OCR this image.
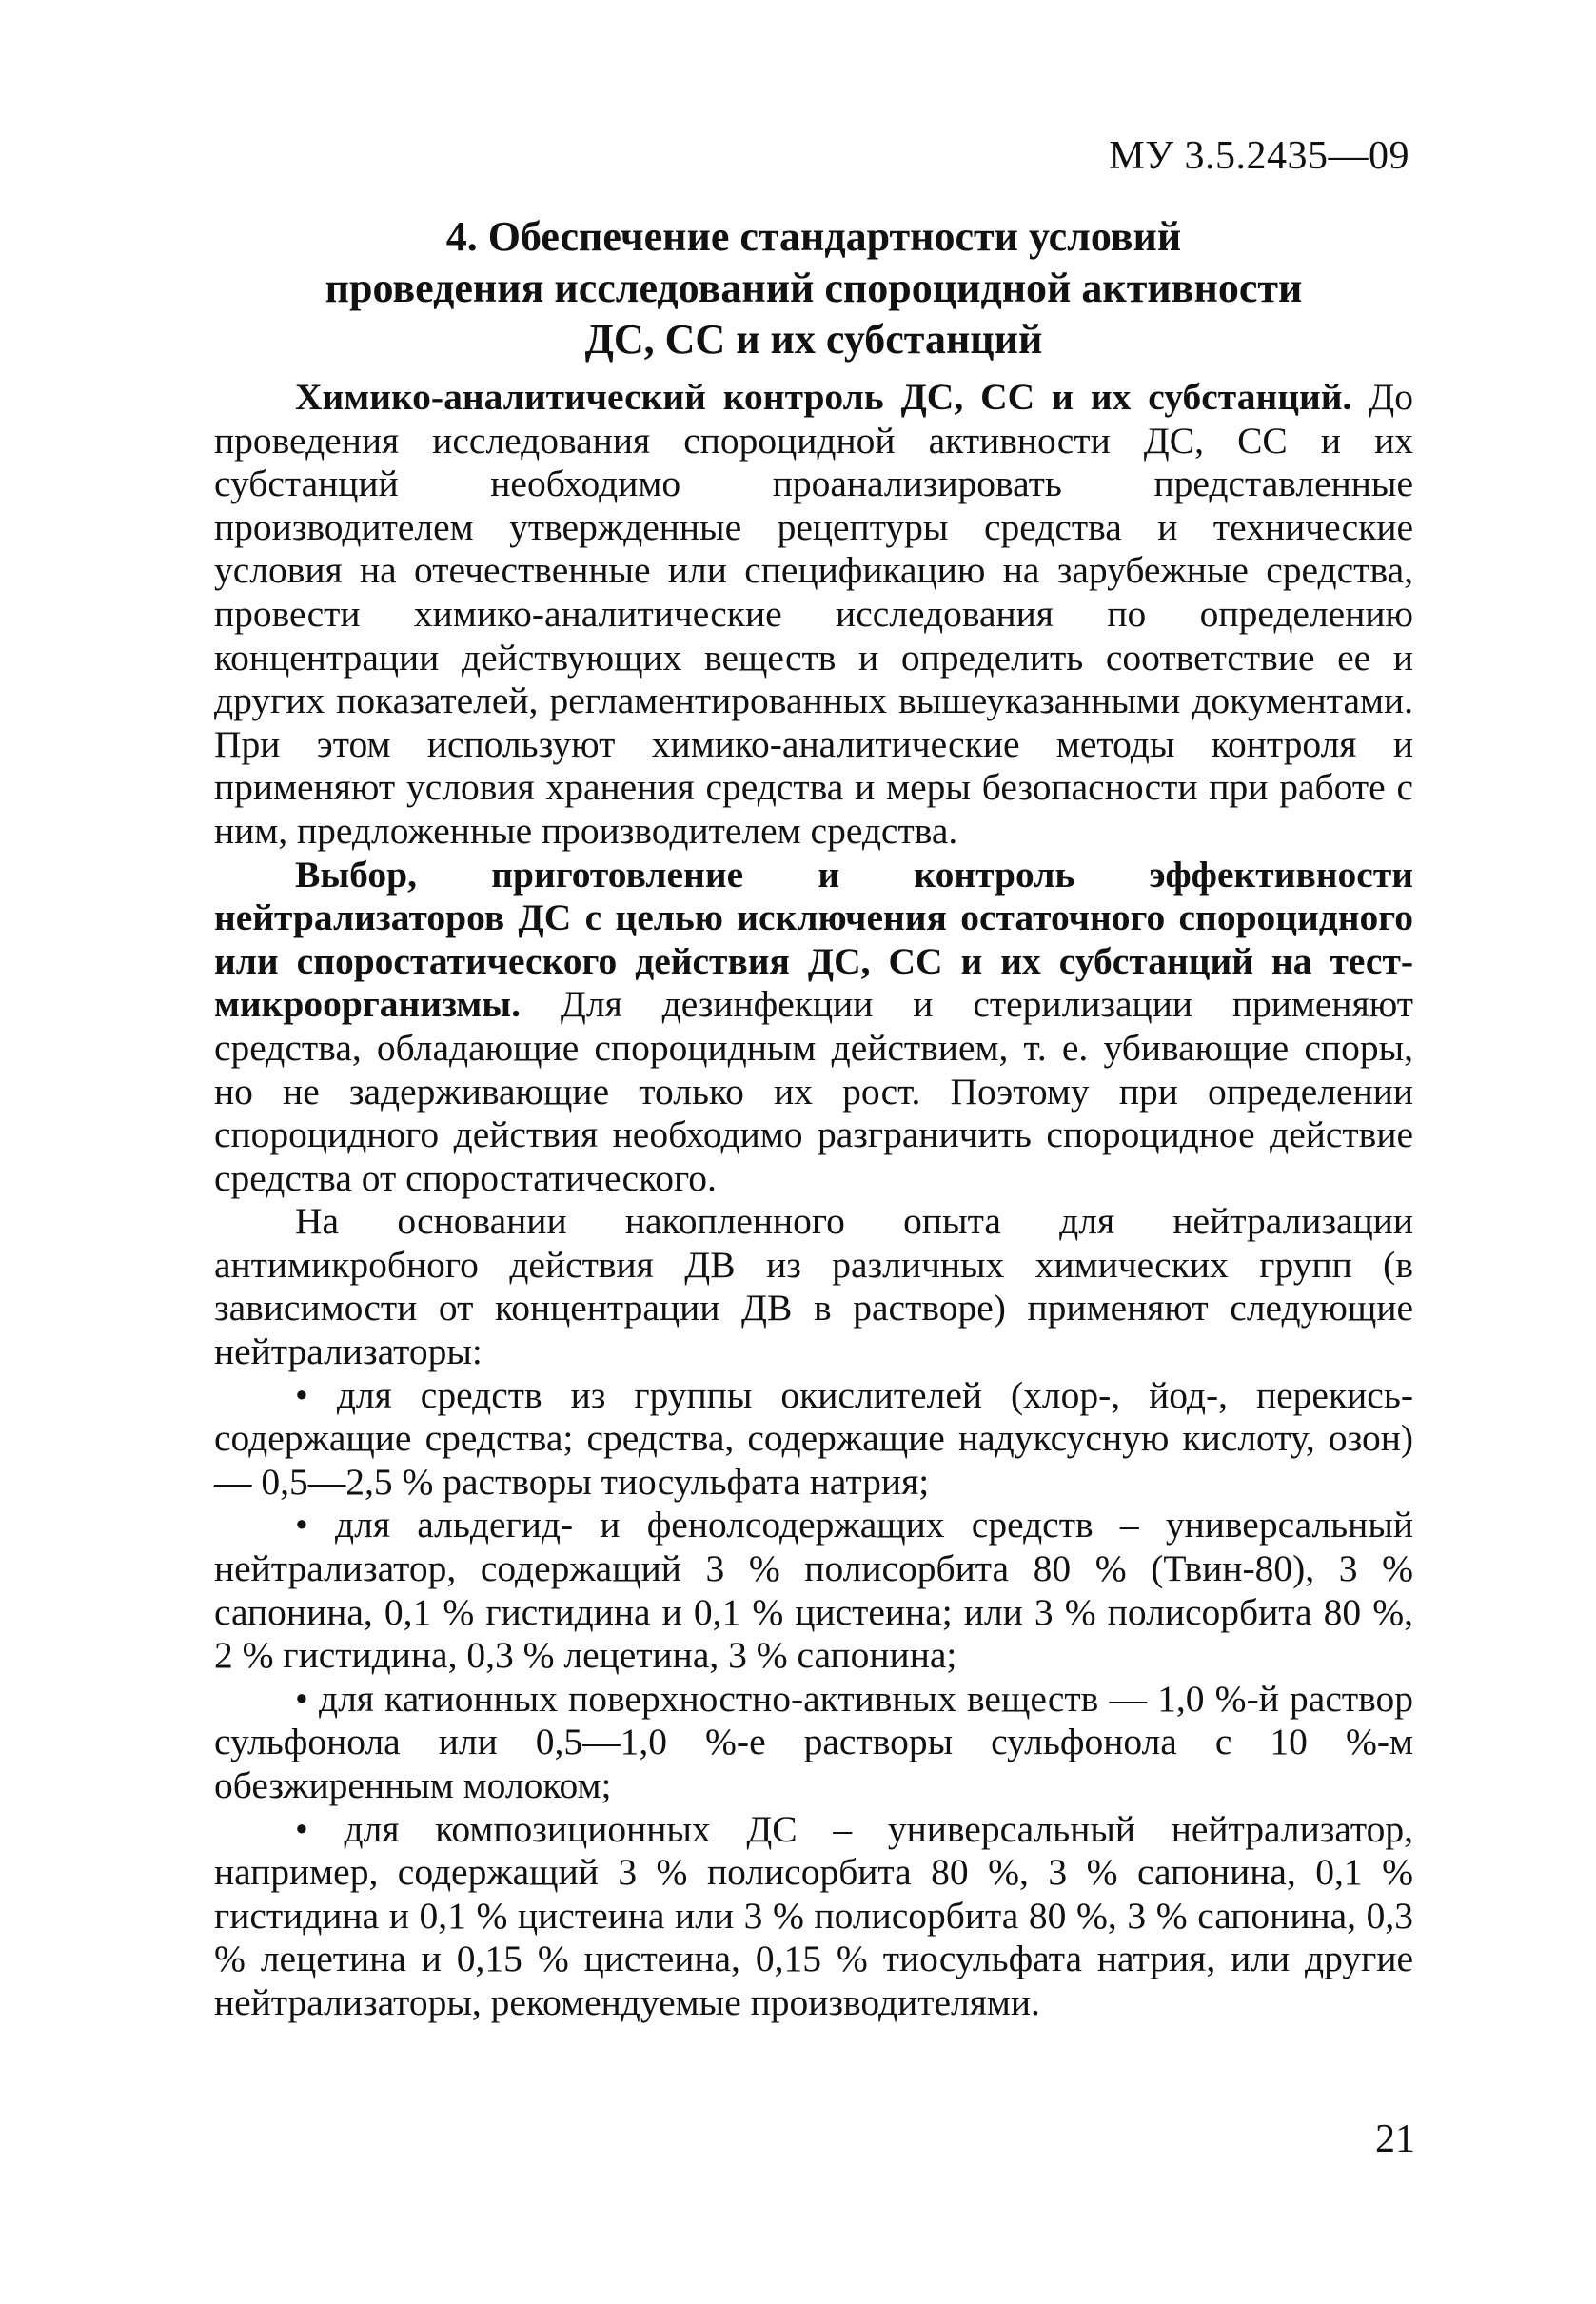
МУ 3.5.2435—09
4. Обеспечение стандартности условий
проведения исследований спороцидной активности
ДС, СС и их субстанций

Химико-аналитический контроль ДС, СС и их субстанций. До проведения исследования спороцидной активности ДС, СС и их субстанций необходимо проанализировать представленные производителем утвержденные рецептуры средства и технические условия на отечественные или спецификацию на зарубежные средства, провести химико-аналитические исследования по определению концентрации действующих веществ и определить соответствие ее и других показателей, регламентированных вышеуказанными документами. При этом используют химико-аналитические методы контроля и применяют условия хранения средства и меры безопасности при работе с ним, предложенные производителем средства.

Выбор, приготовление и контроль эффективности нейтрализаторов ДС с целью исключения остаточного спороцидного или споростатического действия ДС, СС и их субстанций на тест-микроорганизмы. Для дезинфекции и стерилизации применяют средства, обладающие спороцидным действием, т. е. убивающие споры, но не задерживающие только их рост. Поэтому при определении спороцидного действия необходимо разграничить спороцидное действие средства от споростатического.

На основании накопленного опыта для нейтрализации антимикробного действия ДВ из различных химических групп (в зависимости от концентрации ДВ в растворе) применяют следующие нейтрализаторы:

• для средств из группы окислителей (хлор-, йод-, перекисьсодержащие средства; средства, содержащие надуксусную кислоту, озон) — 0,5—2,5 % растворы тиосульфата натрия;

• для альдегид- и фенолсодержащих средств – универсальный нейтрализатор, содержащий 3 % полисорбита 80 % (Твин-80), 3 % сапонина, 0,1 % гистидина и 0,1 % цистеина; или 3 % полисорбита 80 %, 2 % гистидина, 0,3 % лецетина, 3 % сапонина;

• для катионных поверхностно-активных веществ — 1,0 %-й раствор сульфонола или 0,5—1,0 %-е растворы сульфонола с 10 %-м обезжиренным молоком;

• для композиционных ДС – универсальный нейтрализатор, например, содержащий 3 % полисорбита 80 %, 3 % сапонина, 0,1 % гистидина и 0,1 % цистеина или 3 % полисорбита 80 %, 3 % сапонина, 0,3 % лецетина и 0,15 % цистеина, 0,15 % тиосульфата натрия, или другие нейтрализаторы, рекомендуемые производителями.

21
